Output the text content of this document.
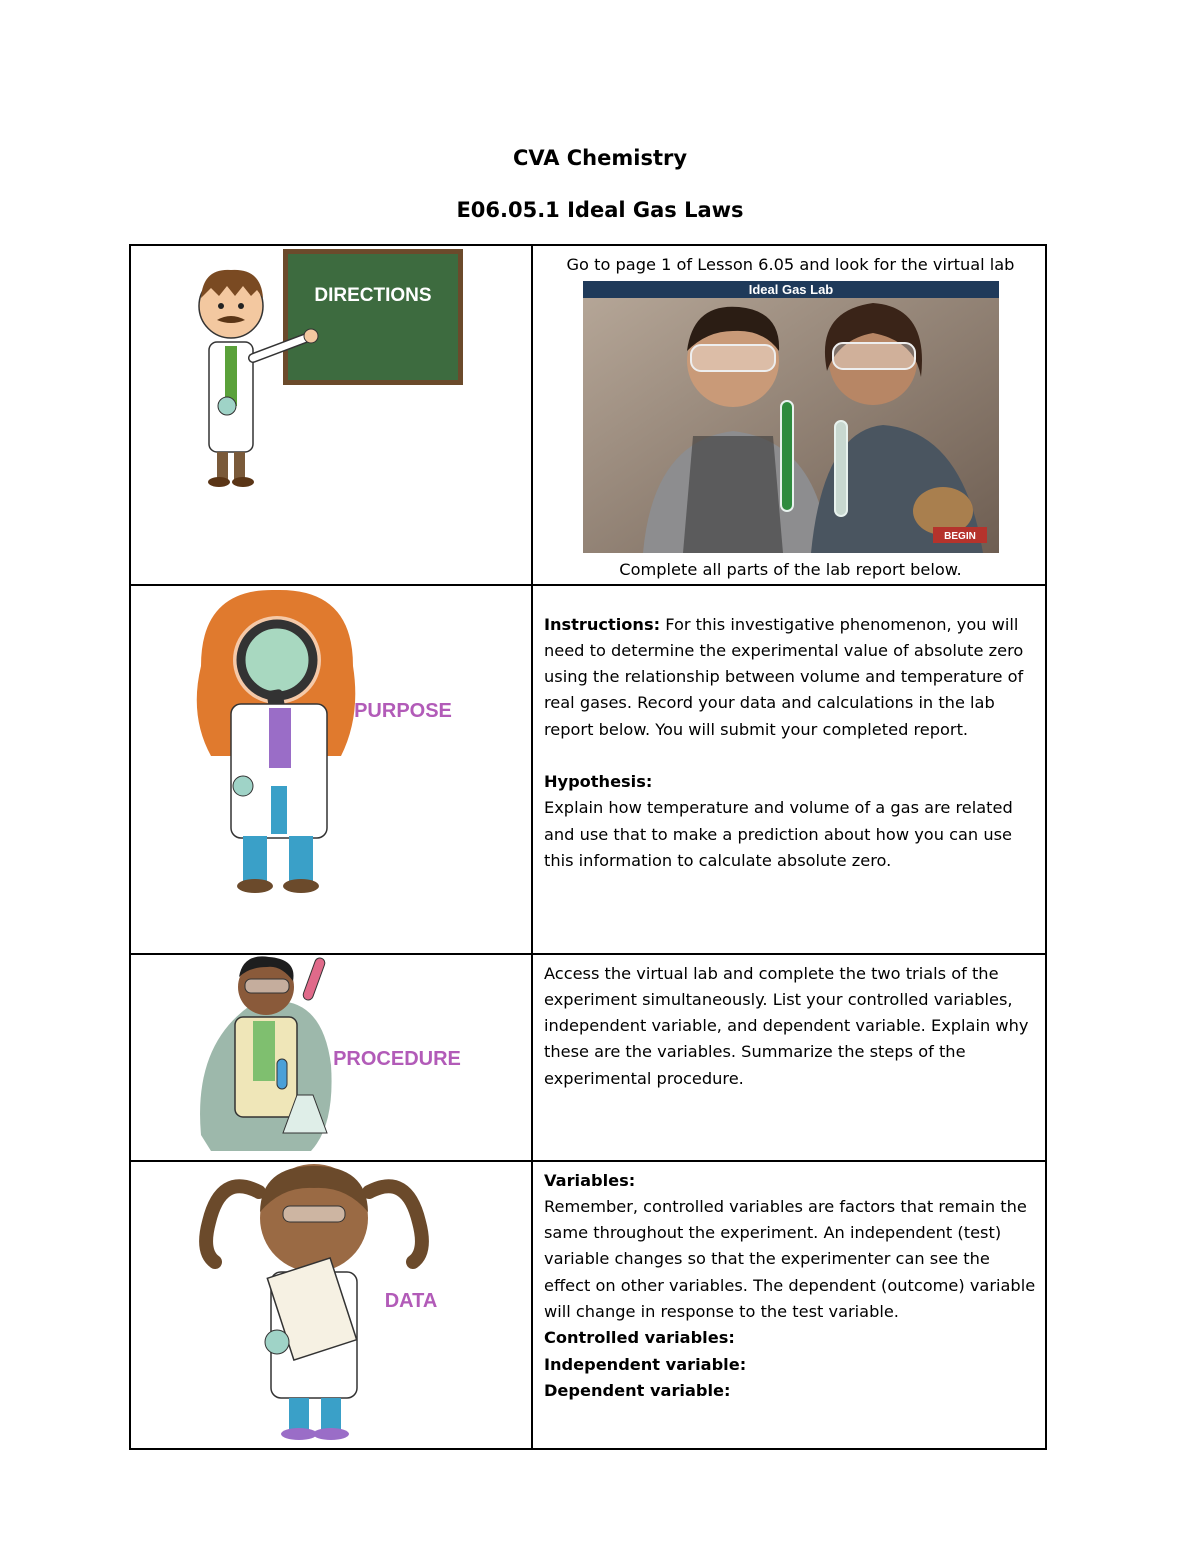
CVA Chemistry
E06.05.1 Ideal Gas Laws
DIRECTIONS	Go to page 1 of Lesson 6.05 and look for the virtual lab

Ideal Gas Lab
BEGIN

Complete all parts of the lab report below.

PURPOSE	Instructions: For this investigative phenomenon, you will need to determine the experimental value of absolute zero using the relationship between volume and temperature of real gases. Record your data and calculations in the lab report below. You will submit your completed report.

Hypothesis:

Explain how temperature and volume of a gas are related and use that to make a prediction about how you can use this information to calculate absolute zero.

PROCEDURE	Access the virtual lab and complete the two trials of the experiment simultaneously. List your controlled variables, independent variable, and dependent variable. Explain why these are the variables. Summarize the steps of the experimental procedure.

DATA	Variables:

Remember, controlled variables are factors that remain the same throughout the experiment. An independent (test) variable changes so that the experimenter can see the effect on other variables. The dependent (outcome) variable will change in response to the test variable.

Controlled variables:

Independent variable:

Dependent variable:
